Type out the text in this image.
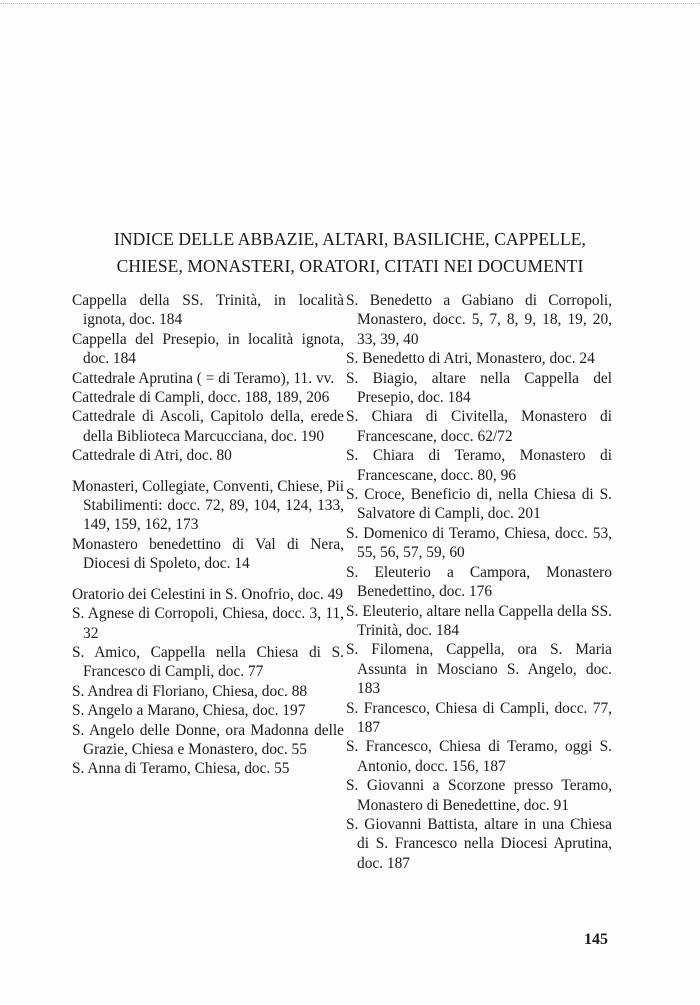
INDICE DELLE ABBAZIE, ALTARI, BASILICHE, CAPPELLE,
CHIESE, MONASTERI, ORATORI, CITATI NEI DOCUMENTI
Cappella della SS. Trinità, in località ignota, doc. 184
Cappella del Presepio, in località ignota, doc. 184
Cattedrale Aprutina ( = di Teramo), 11. vv.
Cattedrale di Campli, docc. 188, 189, 206
Cattedrale di Ascoli, Capitolo della, erede della Biblioteca Marcucciana, doc. 190
Cattedrale di Atri, doc. 80
Monasteri, Collegiate, Conventi, Chiese, Pii Stabilimenti: docc. 72, 89, 104, 124, 133, 149, 159, 162, 173
Monastero benedettino di Val di Nera, Diocesi di Spoleto, doc. 14
Oratorio dei Celestini in S. Onofrio, doc. 49
S. Agnese di Corropoli, Chiesa, docc. 3, 11, 32
S. Amico, Cappella nella Chiesa di S. Francesco di Campli, doc. 77
S. Andrea di Floriano, Chiesa, doc. 88
S. Angelo a Marano, Chiesa, doc. 197
S. Angelo delle Donne, ora Madonna delle Grazie, Chiesa e Monastero, doc. 55
S. Anna di Teramo, Chiesa, doc. 55
S. Benedetto a Gabiano di Corropoli, Monastero, docc. 5, 7, 8, 9, 18, 19, 20, 33, 39, 40
S. Benedetto di Atri, Monastero, doc. 24
S. Biagio, altare nella Cappella del Presepio, doc. 184
S. Chiara di Civitella, Monastero di Francescane, docc. 62/72
S. Chiara di Teramo, Monastero di Francescane, docc. 80, 96
S. Croce, Beneficio di, nella Chiesa di S. Salvatore di Campli, doc. 201
S. Domenico di Teramo, Chiesa, docc. 53, 55, 56, 57, 59, 60
S. Eleuterio a Campora, Monastero Benedettino, doc. 176
S. Eleuterio, altare nella Cappella della SS. Trinità, doc. 184
S. Filomena, Cappella, ora S. Maria Assunta in Mosciano S. Angelo, doc. 183
S. Francesco, Chiesa di Campli, docc. 77, 187
S. Francesco, Chiesa di Teramo, oggi S. Antonio, docc. 156, 187
S. Giovanni a Scorzone presso Teramo, Monastero di Benedettine, doc. 91
S. Giovanni Battista, altare in una Chiesa di S. Francesco nella Diocesi Aprutina, doc. 187
145
